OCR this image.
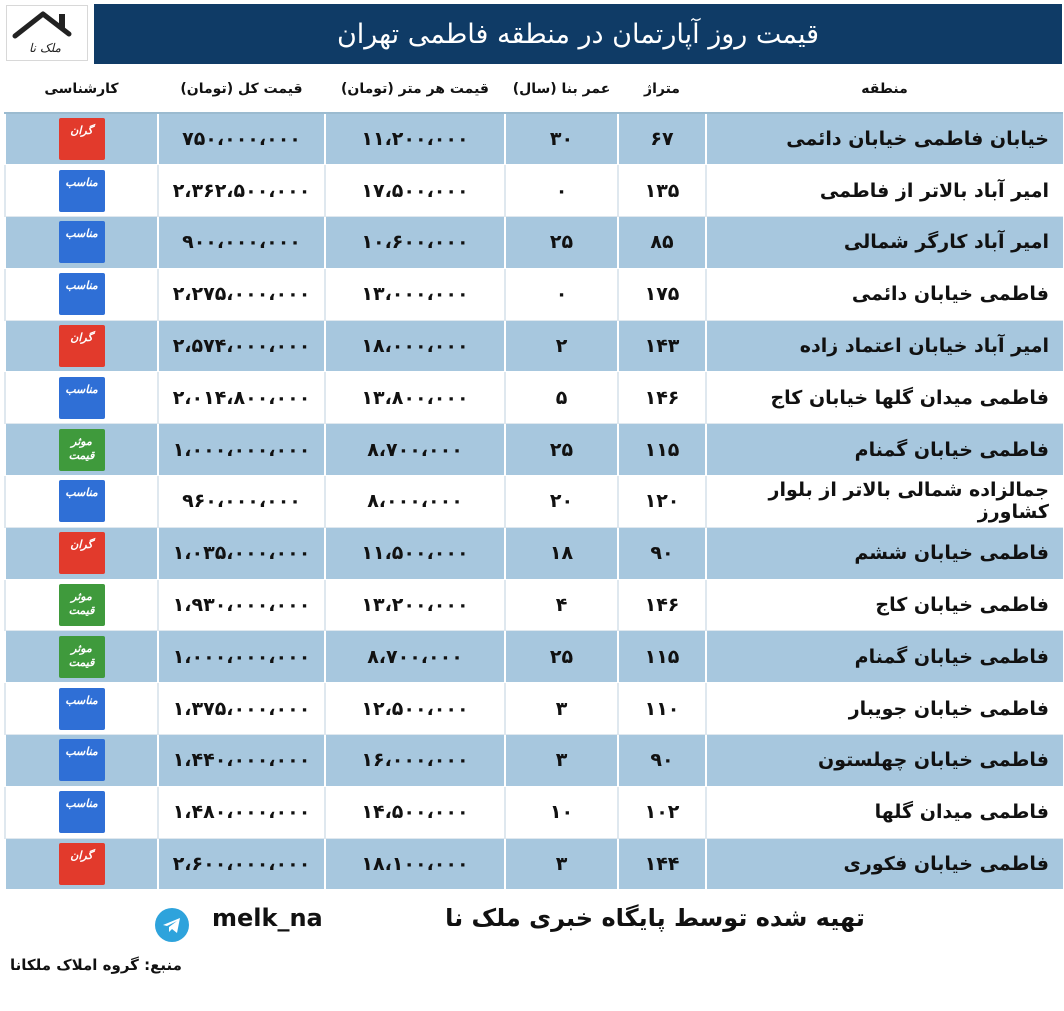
ملک نا	قیمت روز آپارتمان در منطقه فاطمی تهران
منطقه	متراژ	عمر بنا (سال)	قیمت هر متر (تومان)	قیمت کل (تومان)	کارشناسی
خیابان فاطمی خیابان دائمی	۶۷	۳۰	۱۱،۲۰۰،۰۰۰	۷۵۰،۰۰۰،۰۰۰	گران
امیر آباد بالاتر از فاطمی	۱۳۵	۰	۱۷،۵۰۰،۰۰۰	۲،۳۶۲،۵۰۰،۰۰۰	مناسب
امیر آباد کارگر شمالی	۸۵	۲۵	۱۰،۶۰۰،۰۰۰	۹۰۰،۰۰۰،۰۰۰	مناسب
فاطمی خیابان دائمی	۱۷۵	۰	۱۳،۰۰۰،۰۰۰	۲،۲۷۵،۰۰۰،۰۰۰	مناسب
امیر آباد خیابان اعتماد زاده	۱۴۳	۲	۱۸،۰۰۰،۰۰۰	۲،۵۷۴،۰۰۰،۰۰۰	گران
فاطمی میدان گلها خیابان کاج	۱۴۶	۵	۱۳،۸۰۰،۰۰۰	۲،۰۱۴،۸۰۰،۰۰۰	مناسب
فاطمی خیابان گمنام	۱۱۵	۲۵	۸،۷۰۰،۰۰۰	۱،۰۰۰،۰۰۰،۰۰۰	موثر قیمت
جمالزاده شمالی بالاتر از بلوار کشاورز	۱۲۰	۲۰	۸،۰۰۰،۰۰۰	۹۶۰،۰۰۰،۰۰۰	مناسب
فاطمی خیابان ششم	۹۰	۱۸	۱۱،۵۰۰،۰۰۰	۱،۰۳۵،۰۰۰،۰۰۰	گران
فاطمی خیابان کاج	۱۴۶	۴	۱۳،۲۰۰،۰۰۰	۱،۹۳۰،۰۰۰،۰۰۰	موثر قیمت
فاطمی خیابان گمنام	۱۱۵	۲۵	۸،۷۰۰،۰۰۰	۱،۰۰۰،۰۰۰،۰۰۰	موثر قیمت
فاطمی خیابان جویبار	۱۱۰	۳	۱۲،۵۰۰،۰۰۰	۱،۳۷۵،۰۰۰،۰۰۰	مناسب
فاطمی خیابان چهلستون	۹۰	۳	۱۶،۰۰۰،۰۰۰	۱،۴۴۰،۰۰۰،۰۰۰	مناسب
فاطمی میدان گلها	۱۰۲	۱۰	۱۴،۵۰۰،۰۰۰	۱،۴۸۰،۰۰۰،۰۰۰	مناسب
فاطمی خیابان فکوری	۱۴۴	۳	۱۸،۱۰۰،۰۰۰	۲،۶۰۰،۰۰۰،۰۰۰	گران
melk_na	تهیه شده توسط پایگاه خبری ملک نا
منبع: گروه املاک ملکانا
